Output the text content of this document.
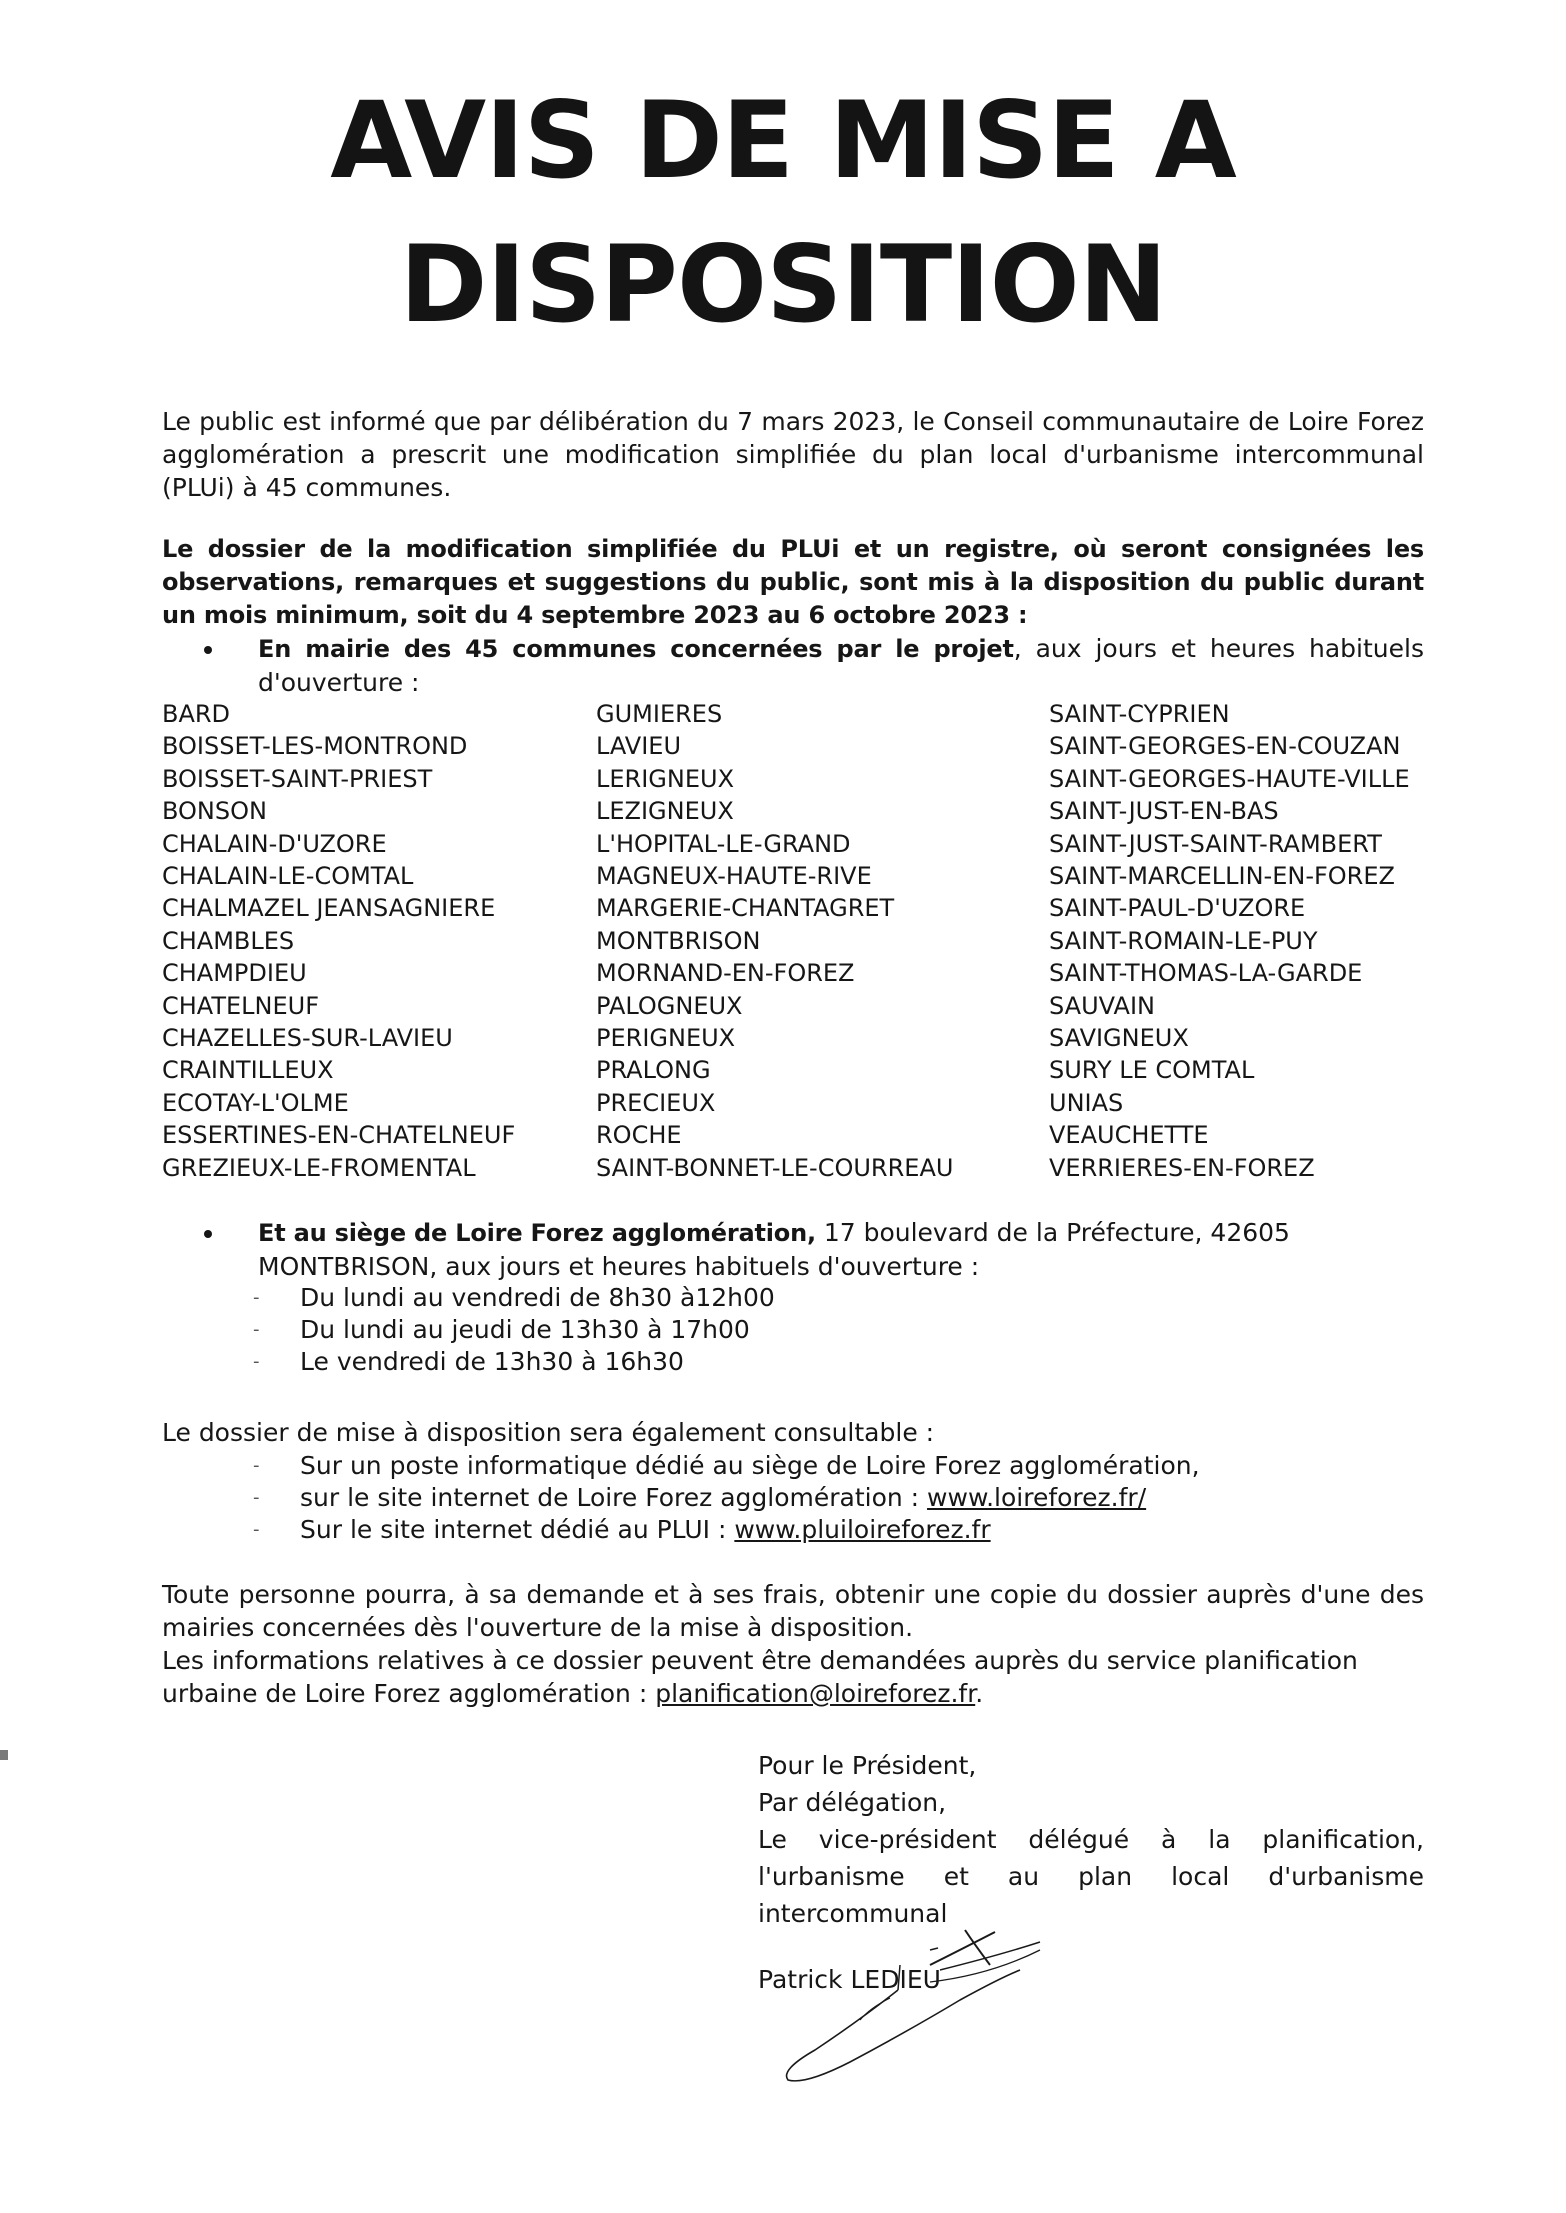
AVIS DE MISE A
DISPOSITION
Le public est informé que par délibération du 7 mars 2023, le Conseil communautaire de Loire Forez agglomération a prescrit une modification simplifiée du plan local d'urbanisme intercommunal (PLUi) à 45 communes.
Le dossier de la modification simplifiée du PLUi et un registre, où seront consignées les observations, remarques et suggestions du public, sont mis à la disposition du public durant un mois minimum, soit du 4 septembre 2023 au 6 octobre 2023 :
En mairie des 45 communes concernées par le projet, aux jours et heures habituels d'ouverture :
BARD
BOISSET-LES-MONTROND
BOISSET-SAINT-PRIEST
BONSON
CHALAIN-D'UZORE
CHALAIN-LE-COMTAL
CHALMAZEL JEANSAGNIERE
CHAMBLES
CHAMPDIEU
CHATELNEUF
CHAZELLES-SUR-LAVIEU
CRAINTILLEUX
ECOTAY-L'OLME
ESSERTINES-EN-CHATELNEUF
GREZIEUX-LE-FROMENTAL
GUMIERES
LAVIEU
LERIGNEUX
LEZIGNEUX
L'HOPITAL-LE-GRAND
MAGNEUX-HAUTE-RIVE
MARGERIE-CHANTAGRET
MONTBRISON
MORNAND-EN-FOREZ
PALOGNEUX
PERIGNEUX
PRALONG
PRECIEUX
ROCHE
SAINT-BONNET-LE-COURREAU
SAINT-CYPRIEN
SAINT-GEORGES-EN-COUZAN
SAINT-GEORGES-HAUTE-VILLE
SAINT-JUST-EN-BAS
SAINT-JUST-SAINT-RAMBERT
SAINT-MARCELLIN-EN-FOREZ
SAINT-PAUL-D'UZORE
SAINT-ROMAIN-LE-PUY
SAINT-THOMAS-LA-GARDE
SAUVAIN
SAVIGNEUX
SURY LE COMTAL
UNIAS
VEAUCHETTE
VERRIERES-EN-FOREZ
Et au siège de Loire Forez agglomération, 17 boulevard de la Préfecture, 42605 MONTBRISON, aux jours et heures habituels d'ouverture :
- Du lundi au vendredi de 8h30 à12h00
- Du lundi au jeudi de 13h30 à 17h00
- Le vendredi de 13h30 à 16h30
Le dossier de mise à disposition sera également consultable :
- Sur un poste informatique dédié au siège de Loire Forez agglomération,
- sur le site internet de Loire Forez agglomération : www.loireforez.fr/
- Sur le site internet dédié au PLUI : www.pluiloireforez.fr
Toute personne pourra, à sa demande et à ses frais, obtenir une copie du dossier auprès d'une des mairies concernées dès l'ouverture de la mise à disposition.
Les informations relatives à ce dossier peuvent être demandées auprès du service planification urbaine de Loire Forez agglomération : planification@loireforez.fr.
Pour le Président,
Par délégation,
Le vice-président délégué à la planification, l'urbanisme et au plan local d'urbanisme
intercommunal
Patrick LEDIEU
